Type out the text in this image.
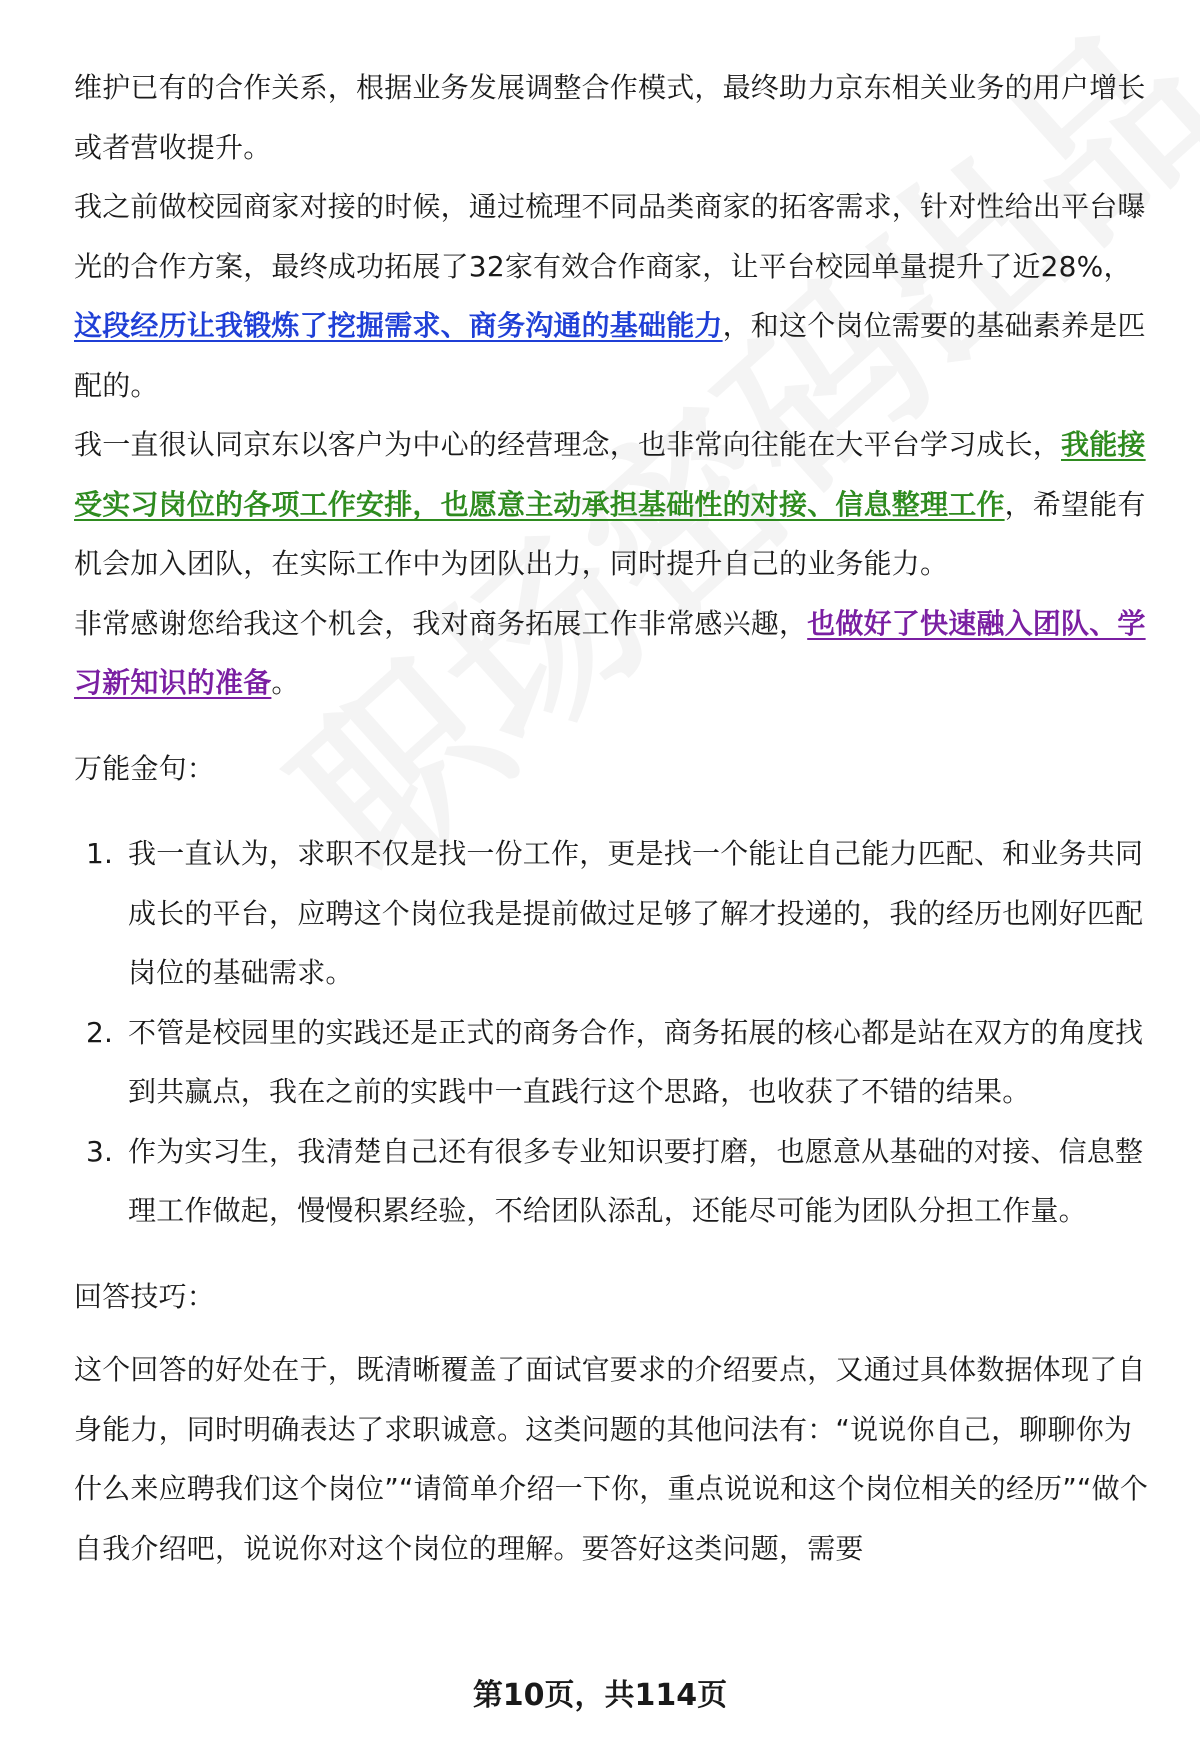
维护已有的合作关系，根据业务发展调整合作模式，最终助力京东相关业务的用户增长或者营收提升。

我之前做校园商家对接的时候，通过梳理不同品类商家的拓客需求，针对性给出平台曝光的合作方案，最终成功拓展了32家有效合作商家，让平台校园单量提升了近28%，这段经历让我锻炼了挖掘需求、商务沟通的基础能力，和这个岗位需要的基础素养是匹配的。

我一直很认同京东以客户为中心的经营理念，也非常向往能在大平台学习成长，我能接受实习岗位的各项工作安排，也愿意主动承担基础性的对接、信息整理工作，希望能有机会加入团队，在实际工作中为团队出力，同时提升自己的业务能力。

非常感谢您给我这个机会，我对商务拓展工作非常感兴趣，也做好了快速融入团队、学习新知识的准备。

万能金句：

1. 我一直认为，求职不仅是找一份工作，更是找一个能让自己能力匹配、和业务共同成长的平台，应聘这个岗位我是提前做过足够了解才投递的，我的经历也刚好匹配岗位的基础需求。
2. 不管是校园里的实践还是正式的商务合作，商务拓展的核心都是站在双方的角度找到共赢点，我在之前的实践中一直践行这个思路，也收获了不错的结果。
3. 作为实习生，我清楚自己还有很多专业知识要打磨，也愿意从基础的对接、信息整理工作做起，慢慢积累经验，不给团队添乱，还能尽可能为团队分担工作量。

回答技巧：

这个回答的好处在于，既清晰覆盖了面试官要求的介绍要点，又通过具体数据体现了自身能力，同时明确表达了求职诚意。这类问题的其他问法有：“说说你自己，聊聊你为什么来应聘我们这个岗位”“请简单介绍一下你，重点说说和这个岗位相关的经历”“做个自我介绍吧，说说你对这个岗位的理解。要答好这类问题，需要

第10页，共114页
